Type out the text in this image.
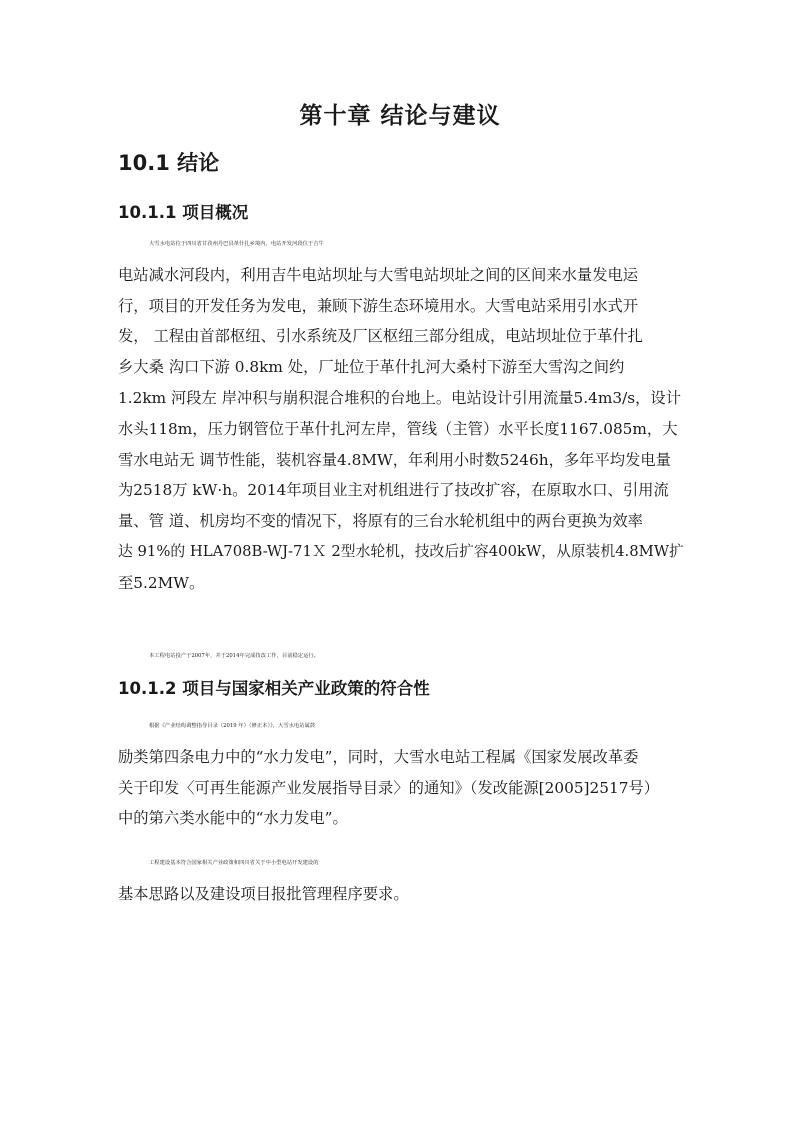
第十章 结论与建议
10.1 结论
10.1.1 项目概况
大雪水电站位于四川省甘孜州丹巴县革什扎乡境内，电站开发河段位于吉牛
电站减水河段内，利用吉牛电站坝址与大雪电站坝址之间的区间来水量发电运
行，项目的开发任务为发电，兼顾下游生态环境用水。大雪电站采用引水式开
发， 工程由首部枢纽、引水系统及厂区枢纽三部分组成，电站坝址位于革什扎
乡大桑 沟口下游 0.8km 处，厂址位于革什扎河大桑村下游至大雪沟之间约
1.2km 河段左 岸冲积与崩积混合堆积的台地上。电站设计引用流量5.4m3/s，设计
水头118m，压力钢管位于革什扎河左岸，管线（主管）水平长度1167.085m，大
雪水电站无 调节性能，装机容量4.8MW，年利用小时数5246h，多年平均发电量
为2518万 kW·h。2014年项目业主对机组进行了技改扩容，在原取水口、引用流
量、管 道、机房均不变的情况下，将原有的三台水轮机组中的两台更换为效率
达 91%的 HLA708B-WJ-71Ｘ 2型水轮机，技改后扩容400kW，从原装机4.8MW扩
至5.2MW。
本工程电站投产于2007年，并于2014年完成技改工作，目前稳定运行。
10.1.2 项目与国家相关产业政策的符合性
根据《产业结构调整指导目录（2019 年）（修正本）》，大雪水电站属鼓
励类第四条电力中的“水力发电”，同时，大雪水电站工程属《国家发展改革委
关于印发〈可再生能源产业发展指导目录〉的通知》（发改能源[2005]2517号）
中的第六类水能中的“水力发电”。
工程建设基本符合国家相关产业政策和四川省关于中小型电站开发建设的
基本思路以及建设项目报批管理程序要求。
